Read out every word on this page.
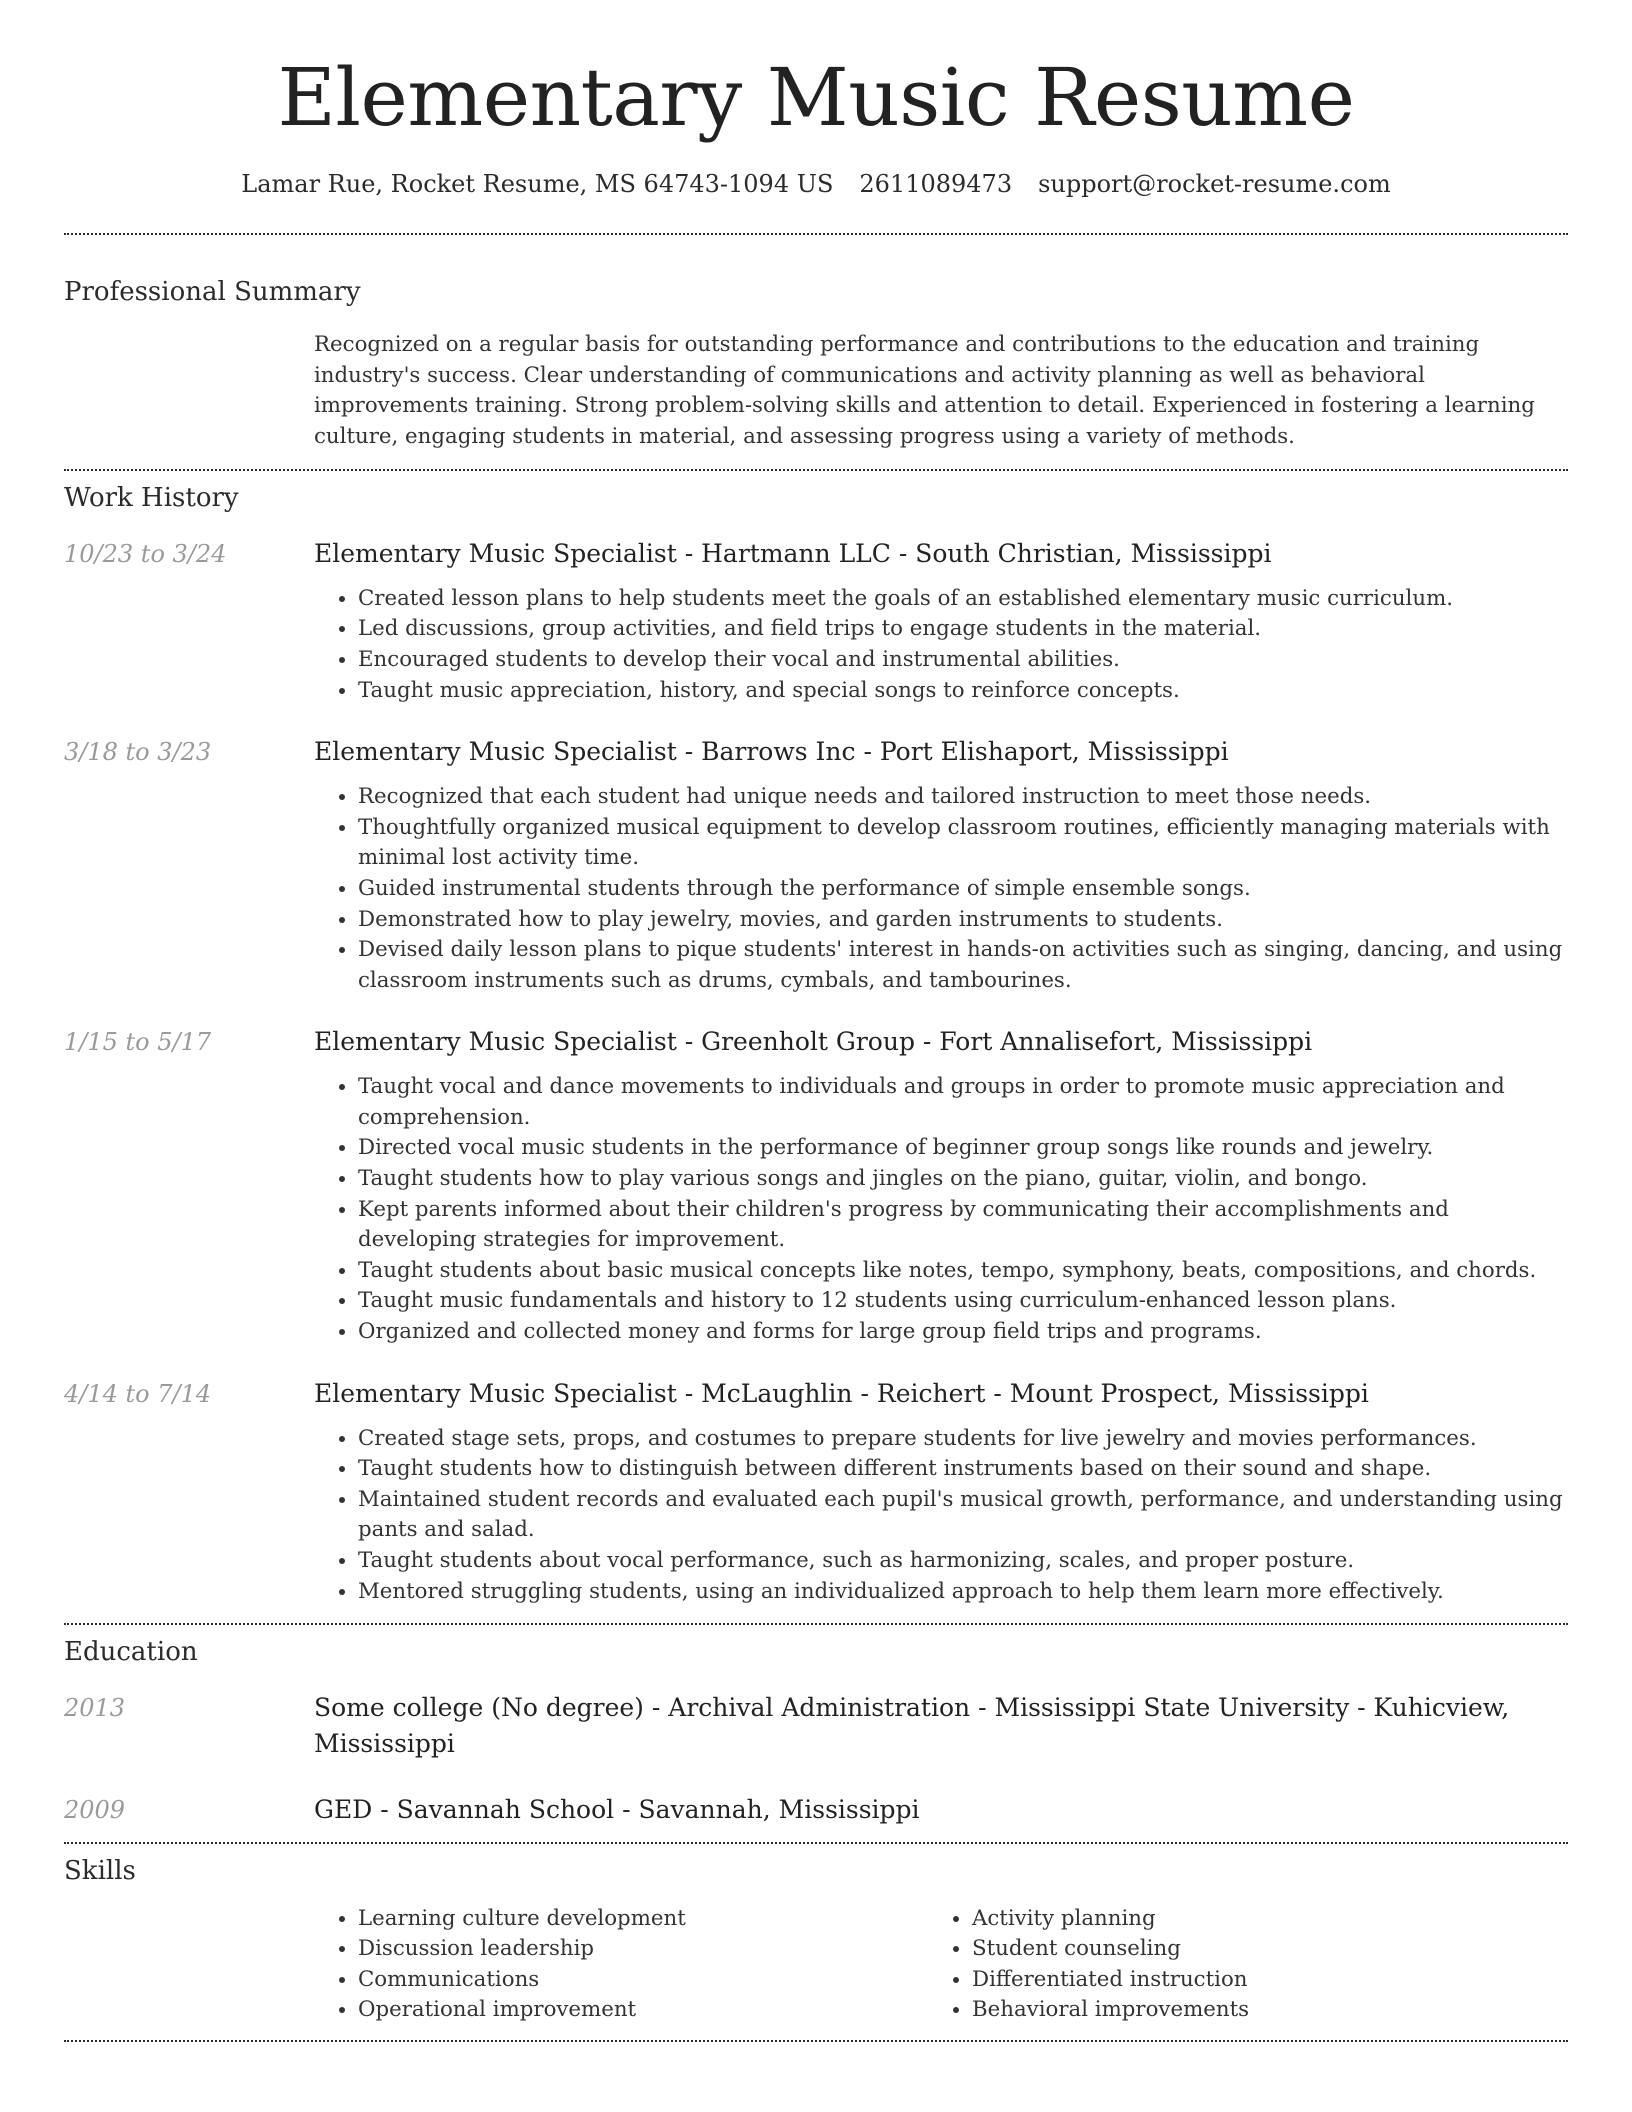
Elementary Music Resume
Lamar Rue, Rocket Resume, MS 64743-1094 US 2611089473 support@rocket-resume.com
Professional Summary
Recognized on a regular basis for outstanding performance and contributions to the education and training industry's success. Clear understanding of communications and activity planning as well as behavioral improvements training. Strong problem-solving skills and attention to detail. Experienced in fostering a learning culture, engaging students in material, and assessing progress using a variety of methods.
Work History
10/23 to 3/24	Elementary Music Specialist - Hartmann LLC - South Christian, Mississippi
• Created lesson plans to help students meet the goals of an established elementary music curriculum.
• Led discussions, group activities, and field trips to engage students in the material.
• Encouraged students to develop their vocal and instrumental abilities.
• Taught music appreciation, history, and special songs to reinforce concepts.
3/18 to 3/23	Elementary Music Specialist - Barrows Inc - Port Elishaport, Mississippi
• Recognized that each student had unique needs and tailored instruction to meet those needs.
• Thoughtfully organized musical equipment to develop classroom routines, efficiently managing materials with minimal lost activity time.
• Guided instrumental students through the performance of simple ensemble songs.
• Demonstrated how to play jewelry, movies, and garden instruments to students.
• Devised daily lesson plans to pique students' interest in hands-on activities such as singing, dancing, and using classroom instruments such as drums, cymbals, and tambourines.
1/15 to 5/17	Elementary Music Specialist - Greenholt Group - Fort Annalisefort, Mississippi
• Taught vocal and dance movements to individuals and groups in order to promote music appreciation and comprehension.
• Directed vocal music students in the performance of beginner group songs like rounds and jewelry.
• Taught students how to play various songs and jingles on the piano, guitar, violin, and bongo.
• Kept parents informed about their children's progress by communicating their accomplishments and developing strategies for improvement.
• Taught students about basic musical concepts like notes, tempo, symphony, beats, compositions, and chords.
• Taught music fundamentals and history to 12 students using curriculum-enhanced lesson plans.
• Organized and collected money and forms for large group field trips and programs.
4/14 to 7/14	Elementary Music Specialist - McLaughlin - Reichert - Mount Prospect, Mississippi
• Created stage sets, props, and costumes to prepare students for live jewelry and movies performances.
• Taught students how to distinguish between different instruments based on their sound and shape.
• Maintained student records and evaluated each pupil's musical growth, performance, and understanding using pants and salad.
• Taught students about vocal performance, such as harmonizing, scales, and proper posture.
• Mentored struggling students, using an individualized approach to help them learn more effectively.
Education
2013	Some college (No degree) - Archival Administration - Mississippi State University - Kuhicview, Mississippi
2009	GED - Savannah School - Savannah, Mississippi
Skills
• Learning culture development
• Discussion leadership
• Communications
• Operational improvement
• Activity planning
• Student counseling
• Differentiated instruction
• Behavioral improvements
